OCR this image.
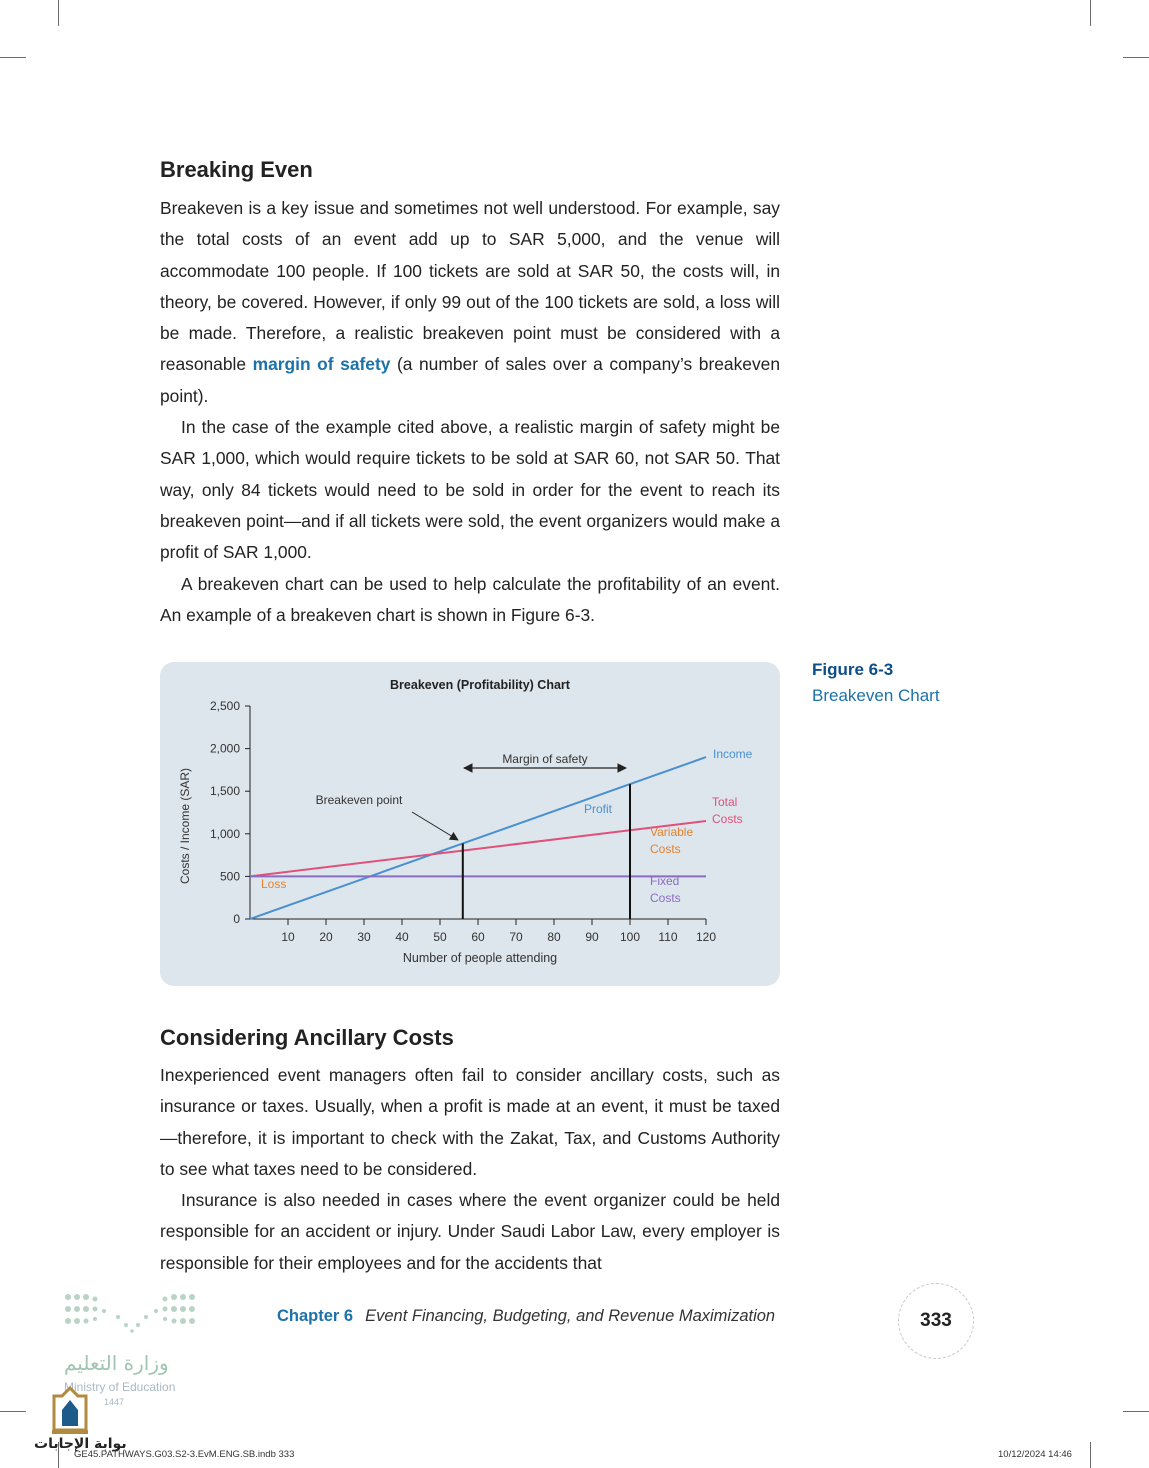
Breaking Even

Breakeven is a key issue and sometimes not well understood. For example, say the total costs of an event add up to SAR 5,000, and the venue will accommodate 100 people. If 100 tickets are sold at SAR 50, the costs will, in theory, be covered. However, if only 99 out of the 100 tickets are sold, a loss will be made. Therefore, a realistic breakeven point must be considered with a reasonable margin of safety (a number of sales over a company’s breakeven point).

In the case of the example cited above, a realistic margin of safety might be SAR 1,000, which would require tickets to be sold at SAR 60, not SAR 50. That way, only 84 tickets would need to be sold in order for the event to reach its breakeven point—and if all tickets were sold, the event organizers would make a profit of SAR 1,000.

A breakeven chart can be used to help calculate the profitability of an event. An example of a breakeven chart is shown in Figure 6-3.

Breakeven (Profitability) Chart
Costs / Income (SAR)
Number of people attending
0
500
1,000
1,500
2,000
2,500
10 20 30 40 50 60 70 80 90 100 110 120
Margin of safety
Breakeven point
Profit
Loss
Variable
Costs
Fixed
Costs
Income
Total
Costs
Figure 6-3
Breakeven Chart
Considering Ancillary Costs

Inexperienced event managers often fail to consider ancillary costs, such as insurance or taxes. Usually, when a profit is made at an event, it must be taxed—therefore, it is important to check with the Zakat, Tax, and Customs Authority to see what taxes need to be considered.

Insurance is also needed in cases where the event organizer could be held responsible for an accident or injury. Under Saudi Labor Law, every employer is responsible for their employees and for the accidents that

وزارة التعليم
Ministry of Education
1447
Chapter 6 Event Financing, Budgeting, and Revenue Maximization	333
بوابة الإجابات
GE45.PATHWAYS.G03.S2-3.EvM.ENG.SB.indb 333	10/12/2024 14:46
